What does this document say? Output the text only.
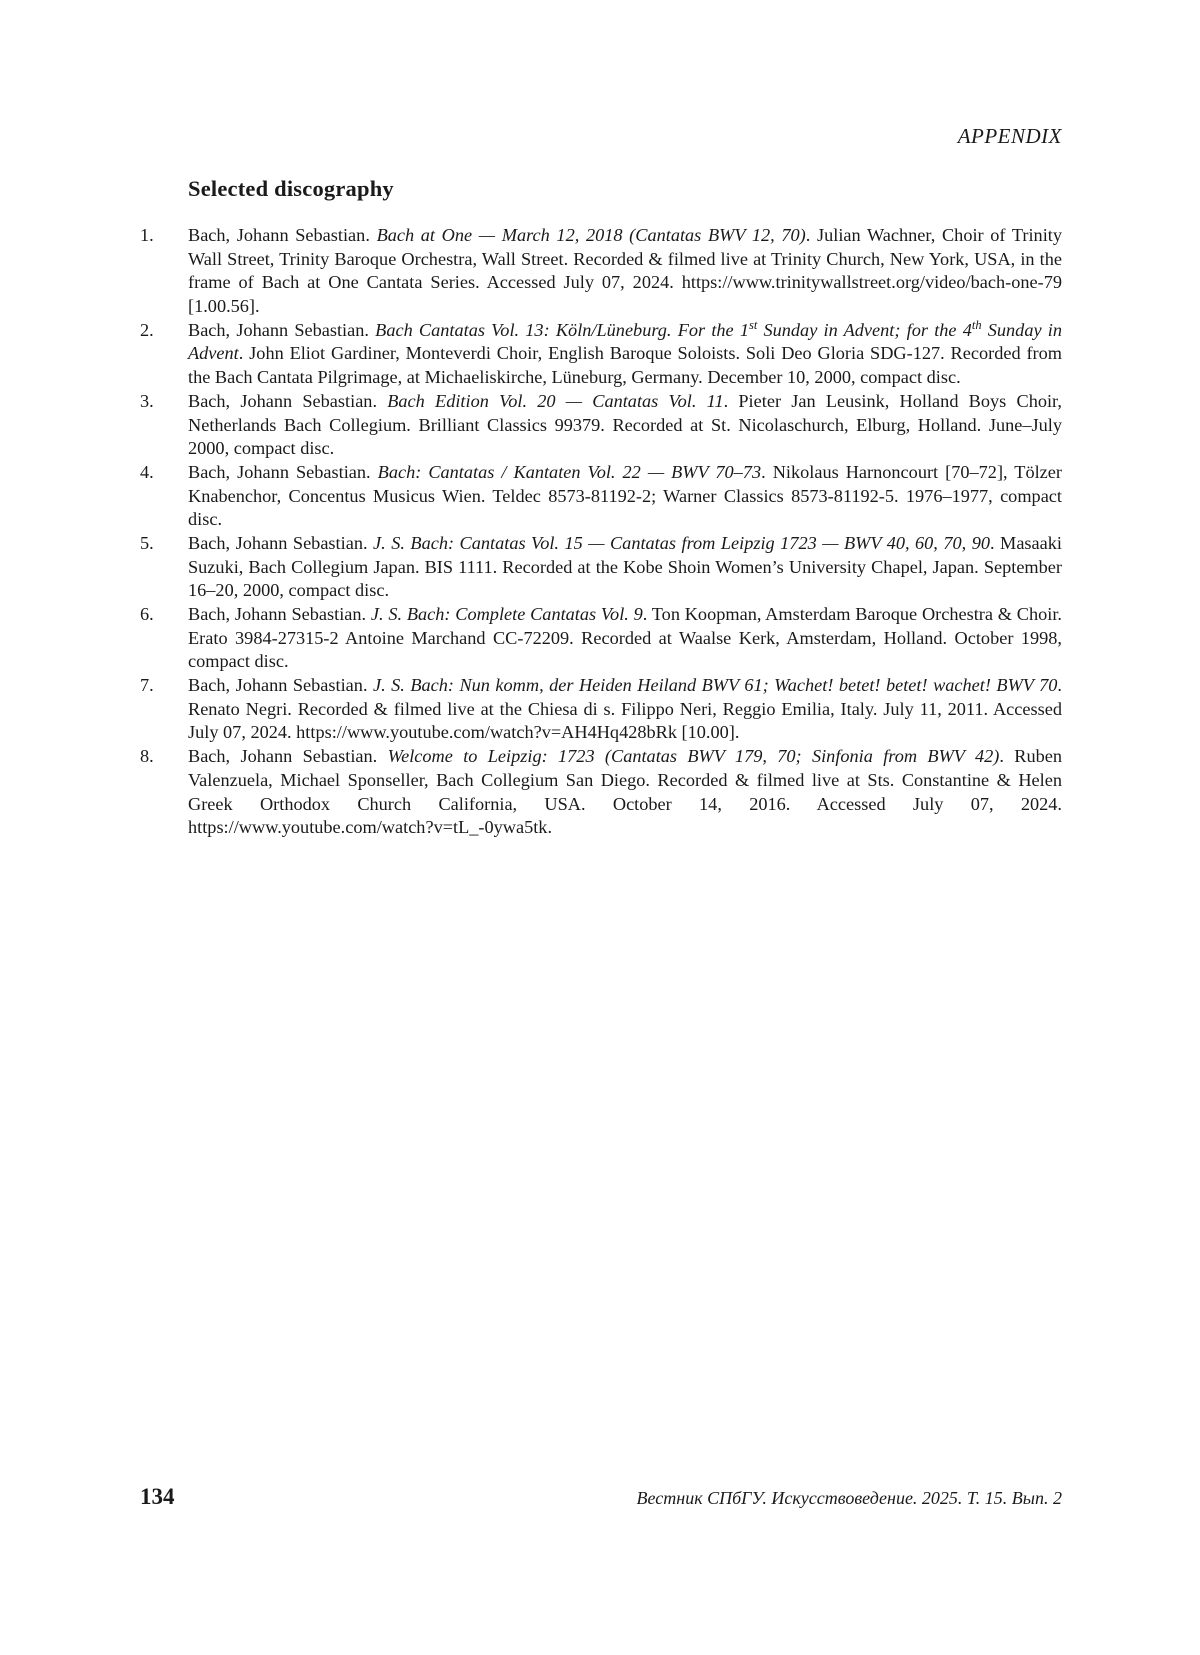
APPENDIX
Selected discography
1.	Bach, Johann Sebastian. Bach at One — March 12, 2018 (Cantatas BWV 12, 70). Julian Wachner, Choir of Trinity Wall Street, Trinity Baroque Orchestra, Wall Street. Recorded & filmed live at Trinity Church, New York, USA, in the frame of Bach at One Cantata Series. Accessed July 07, 2024. https://www.trinitywallstreet.org/video/bach-one-79 [1.00.56].
2.	Bach, Johann Sebastian. Bach Cantatas Vol. 13: Köln/Lüneburg. For the 1st Sunday in Advent; for the 4th Sunday in Advent. John Eliot Gardiner, Monteverdi Choir, English Baroque Soloists. Soli Deo Gloria SDG-127. Recorded from the Bach Cantata Pilgrimage, at Michaeliskirche, Lüneburg, Germany. December 10, 2000, compact disc.
3.	Bach, Johann Sebastian. Bach Edition Vol. 20 — Cantatas Vol. 11. Pieter Jan Leusink, Holland Boys Choir, Netherlands Bach Collegium. Brilliant Classics 99379. Recorded at St. Nicolaschurch, Elburg, Holland. June–July 2000, compact disc.
4.	Bach, Johann Sebastian. Bach: Cantatas / Kantaten Vol. 22 — BWV 70–73. Nikolaus Harnoncourt [70–72], Tölzer Knabenchor, Concentus Musicus Wien. Teldec 8573-81192-2; Warner Classics 8573-81192-5. 1976–1977, compact disc.
5.	Bach, Johann Sebastian. J. S. Bach: Cantatas Vol. 15 — Cantatas from Leipzig 1723 — BWV 40, 60, 70, 90. Masaaki Suzuki, Bach Collegium Japan. BIS 1111. Recorded at the Kobe Shoin Women’s University Chapel, Japan. September 16–20, 2000, compact disc.
6.	Bach, Johann Sebastian. J. S. Bach: Complete Cantatas Vol. 9. Ton Koopman, Amsterdam Baroque Orchestra & Choir. Erato 3984-27315-2 Antoine Marchand CC-72209. Recorded at Waalse Kerk, Amsterdam, Holland. October 1998, compact disc.
7.	Bach, Johann Sebastian. J. S. Bach: Nun komm, der Heiden Heiland BWV 61; Wachet! betet! betet! wachet! BWV 70. Renato Negri. Recorded & filmed live at the Chiesa di s. Filippo Neri, Reggio Emilia, Italy. July 11, 2011. Accessed July 07, 2024. https://www.youtube.com/watch?v=AH4Hq428bRk [10.00].
8.	Bach, Johann Sebastian. Welcome to Leipzig: 1723 (Cantatas BWV 179, 70; Sinfonia from BWV 42). Ruben Valenzuela, Michael Sponseller, Bach Collegium San Diego. Recorded & filmed live at Sts. Constantine & Helen Greek Orthodox Church California, USA. October 14, 2016. Accessed July 07, 2024. https://www.youtube.com/watch?v=tL_-0ywa5tk.
134	Вестник СПбГУ. Искусствоведение. 2025. Т. 15. Вып. 2
